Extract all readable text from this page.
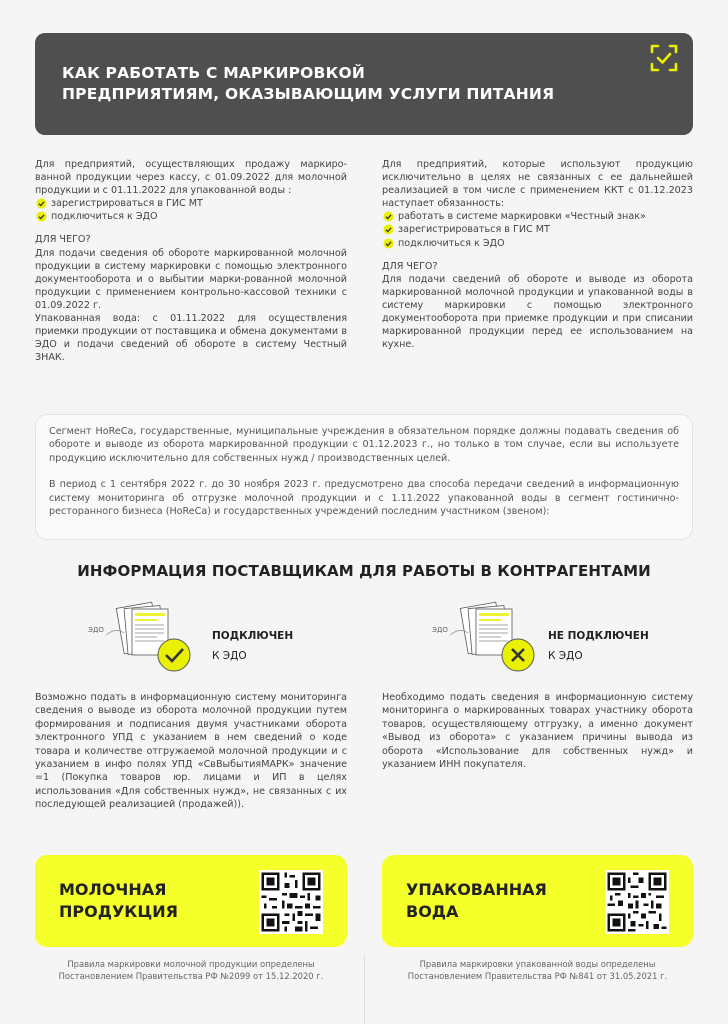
КАК РАБОТАТЬ С МАРКИРОВКОЙ
ПРЕДПРИЯТИЯМ, ОКАЗЫВАЮЩИМ УСЛУГИ ПИТАНИЯ

Для предприятий, осуществляющих продажу маркиро-ванной продукции через кассу, с 01.09.2022 для молочной продукции и с 01.11.2022 для упакованной воды :

зарегистрироваться в ГИС МТ
подключиться к ЭДО

ДЛЯ ЧЕГО?

Для подачи сведения об обороте маркированной молочной продукции в систему маркировки с помощью электронного документооборота и о выбытии марки-рованной молочной продукции с применением контрольно-кассовой техники с 01.09.2022 г.

Упакованная вода: с 01.11.2022 для осуществления приемки продукции от поставщика и обмена документами в ЭДО и подачи сведений об обороте в систему Честный ЗНАК.

Для предприятий, которые используют продукцию исключительно в целях не связанных с ее дальнейшей реализацией в том числе с применением ККТ с 01.12.2023 наступает обязанность:

работать в системе маркировки «Честный знак»
зарегистрироваться в ГИС МТ
подключиться к ЭДО

ДЛЯ ЧЕГО?

Для подачи сведений об обороте и выводе из оборота маркированной молочной продукции и упакованной воды в систему маркировки с помощью электронного документооборота при приемке продукции и при списании маркированной продукции перед ее использованием на кухне.

Сегмент HoReCa, государственные, муниципальные учреждения в обязательном порядке должны подавать сведения об обороте и выводе из оборота маркированной продукции с 01.12.2023 г., но только в том случае, если вы используете продукцию исключительно для собственных нужд / производственных целей.

В период с 1 сентября 2022 г. до 30 ноября 2023 г. предусмотрено два способа передачи сведений в информационную систему мониторинга об отгрузке молочной продукции и с 1.11.2022 упакованной воды в сегмент гостинично-ресторанного бизнеса (HoReCa) и государственных учреждений последним участником (звеном):

ИНФОРМАЦИЯ ПОСТАВЩИКАМ ДЛЯ РАБОТЫ В КОНТРАГЕНТАМИ
ЭДО	ПОДКЛЮЧЕН
К ЭДО
ЭДО	НЕ ПОДКЛЮЧЕН
К ЭДО
Возможно подать в информационную систему мониторинга сведения о выводе из оборота молочной продукции путем формирования и подписания двумя участниками оборота электронного УПД с указанием в нем сведений о коде товара и количестве отгружаемой молочной продукции и с указанием в инфо полях УПД «СвВыбытияМАРК» значение =1 (Покупка товаров юр. лицами и ИП в целях использования «Для собственных нужд», не связанных с их последующей реализацией (продажей)).
Необходимо подать сведения в информационную систему мониторинга о маркированных товарах участнику оборота товаров, осуществляющему отгрузку, а именно документ «Вывод из оборота» с указанием причины вывода из оборота «Использование для собственных нужд» и указанием ИНН покупателя.
МОЛОЧНАЯ
ПРОДУКЦИЯ
УПАКОВАННАЯ
ВОДА
Правила маркировки молочной продукции определены
Постановлением Правительства РФ №2099 от 15.12.2020 г.
Правила маркировки упакованной воды определены
Постановлением Правительства РФ №841 от 31.05.2021 г.
